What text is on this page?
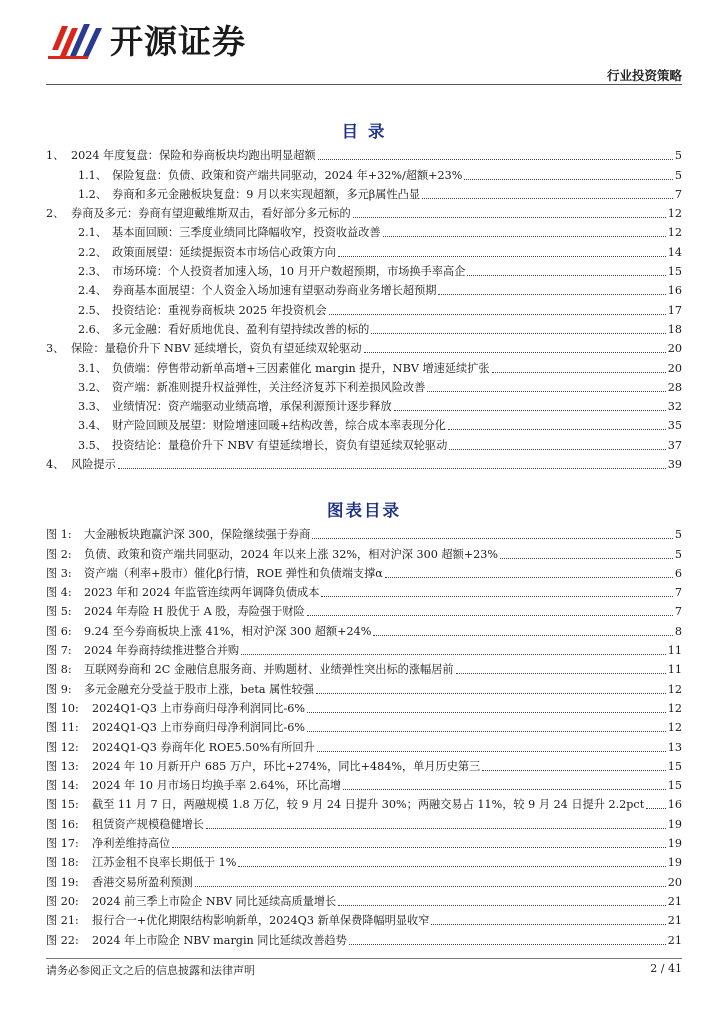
开源证券
行业投资策略
目 录
1、 2024 年度复盘：保险和券商板块均跑出明显超额	5
1.1、 保险复盘：负债、政策和资产端共同驱动，2024 年+32%/超额+23%	5
1.2、 券商和多元金融板块复盘：9 月以来实现超额，多元β属性凸显	7
2、 券商及多元：券商有望迎戴维斯双击，看好部分多元标的	12
2.1、 基本面回顾：三季度业绩同比降幅收窄，投资收益改善	12
2.2、 政策面展望：延续提振资本市场信心政策方向	14
2.3、 市场环境：个人投资者加速入场，10 月开户数超预期，市场换手率高企	15
2.4、 券商基本面展望：个人资金入场加速有望驱动券商业务增长超预期	16
2.5、 投资结论：重视券商板块 2025 年投资机会	17
2.6、 多元金融：看好质地优良、盈利有望持续改善的标的	18
3、 保险：量稳价升下 NBV 延续增长，资负有望延续双轮驱动	20
3.1、 负债端：停售带动新单高增+三因素催化 margin 提升，NBV 增速延续扩张	20
3.2、 资产端：新准则提升权益弹性，关注经济复苏下利差损风险改善	28
3.3、 业绩情况：资产端驱动业绩高增，承保利源预计逐步释放	32
3.4、 财产险回顾及展望：财险增速回暖+结构改善，综合成本率表现分化	35
3.5、 投资结论：量稳价升下 NBV 有望延续增长，资负有望延续双轮驱动	37
4、 风险提示	39
图表目录
图 1:	大金融板块跑赢沪深 300，保险继续强于券商	5
图 2:	负债、政策和资产端共同驱动，2024 年以来上涨 32%，相对沪深 300 超额+23%	5
图 3:	资产端（利率+股市）催化β行情，ROE 弹性和负债端支撑α	6
图 4:	2023 年和 2024 年监管连续两年调降负债成本	7
图 5:	2024 年寿险 H 股优于 A 股，寿险强于财险	7
图 6:	9.24 至今券商板块上涨 41%，相对沪深 300 超额+24%	8
图 7:	2024 年券商持续推进整合并购	11
图 8:	互联网券商和 2C 金融信息服务商、并购题材、业绩弹性突出标的涨幅居前	11
图 9:	多元金融充分受益于股市上涨，beta 属性较强	12
图 10:	2024Q1-Q3 上市券商归母净利润同比-6%	12
图 11:	2024Q1-Q3 上市券商归母净利润同比-6%	12
图 12:	2024Q1-Q3 券商年化 ROE5.50%有所回升	13
图 13:	2024 年 10 月新开户 685 万户，环比+274%，同比+484%，单月历史第三	15
图 14:	2024 年 10 月市场日均换手率 2.64%，环比高增	15
图 15:	截至 11 月 7 日，两融规模 1.8 万亿，较 9 月 24 日提升 30%；两融交易占 11%，较 9 月 24 日提升 2.2pct 16
图 16:	租赁资产规模稳健增长	19
图 17:	净利差维持高位	19
图 18:	江苏金租不良率长期低于 1%	19
图 19:	香港交易所盈利预测	20
图 20:	2024 前三季上市险企 NBV 同比延续高质量增长	21
图 21:	报行合一+优化期限结构影响新单，2024Q3 新单保费降幅明显收窄	21
图 22:	2024 年上市险企 NBV margin 同比延续改善趋势	21
请务必参阅正文之后的信息披露和法律声明	2 / 41
